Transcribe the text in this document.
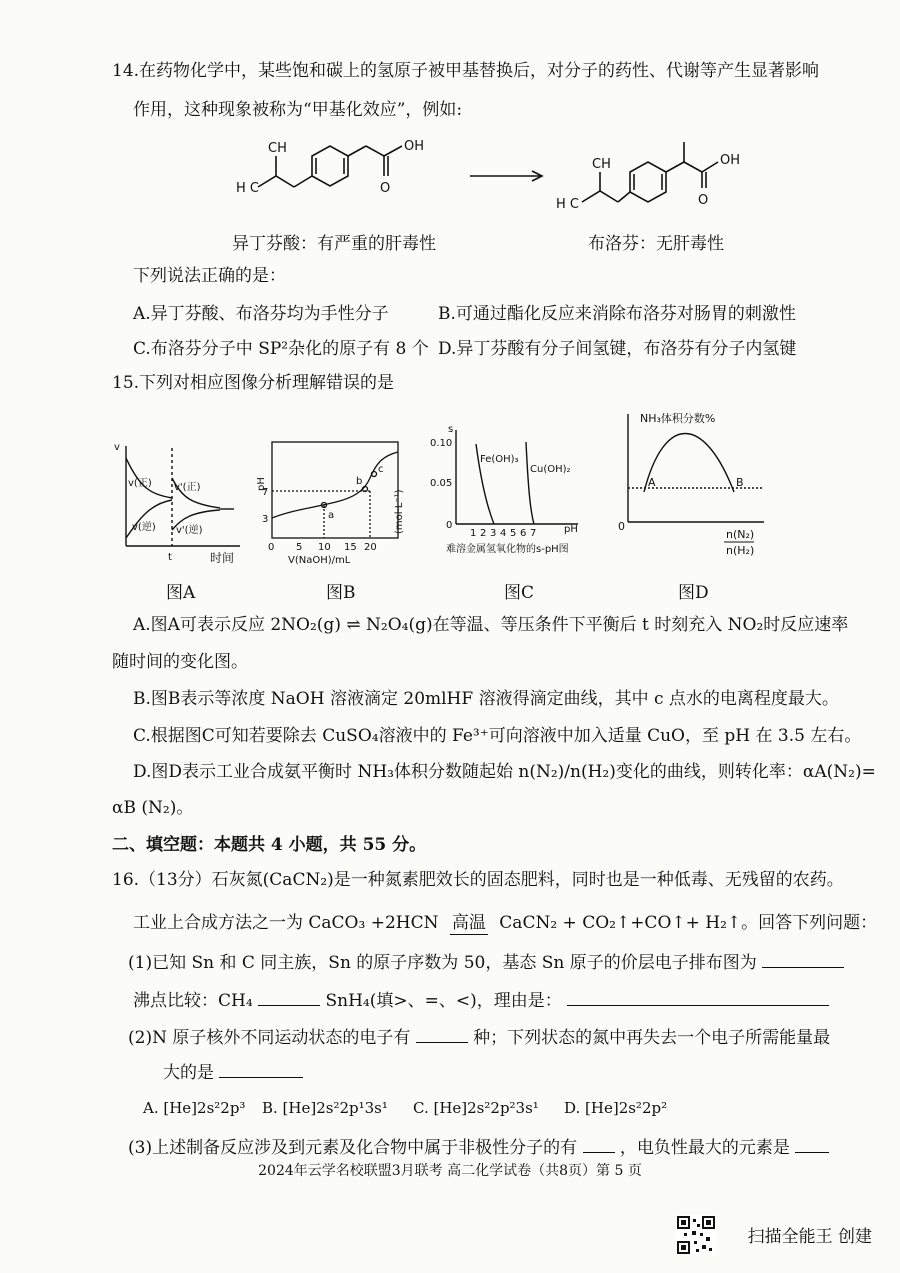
14.在药物化学中，某些饱和碳上的氢原子被甲基替换后，对分子的药性、代谢等产生显著影响
作用，这种现象被称为“甲基化效应”，例如:
CH
H C
OH
O
CH
H C
OH
O
异丁芬酸：有严重的肝毒性	布洛芬：无肝毒性
下列说法正确的是：
A.异丁芬酸、布洛芬均为手性分子	B.可通过酯化反应来消除布洛芬对肠胃的刺激性
C.布洛芬分子中 SP²杂化的原子有 8 个 D.异丁芬酸有分子间氢键，布洛芬有分子内氢键
15.下列对相应图像分析理解错误的是
v
v(正) v'(正)
v(逆) v'(逆)
t	时间
图A
pH
3
7
0 5 10 15 20
a
b
c
V(NaOH)/mL
图B
s
(mol·L⁻¹)
0.10
0.05
0
1 2 3 4 5 6 7	pH
Fe(OH)₃
Cu(OH)₂
难溶金属氢氧化物的s-pH图
图C
NH₃体积分数%
A	B
0
n(N₂)
n(H₂)
图D
A.图A可表示反应 2NO₂(g) ⇌ N₂O₄(g)在等温、等压条件下平衡后 t 时刻充入 NO₂时反应速率
随时间的变化图。
B.图B表示等浓度 NaOH 溶液滴定 20mlHF 溶液得滴定曲线，其中 c 点水的电离程度最大。
C.根据图C可知若要除去 CuSO₄溶液中的 Fe³⁺可向溶液中加入适量 CuO，至 pH 在 3.5 左右。
D.图D表示工业合成氨平衡时 NH₃体积分数随起始 n(N₂)/n(H₂)变化的曲线，则转化率：αA(N₂)=
αB (N₂)。
二、填空题：本题共 4 小题，共 55 分。
16.（13分）石灰氮(CaCN₂)是一种氮素肥效长的固态肥料，同时也是一种低毒、无残留的农药。
工业上合成方法之一为 CaCO₃ +2HCN 高温 CaCN₂ + CO₂↑+CO↑+ H₂↑。回答下列问题：
(1)已知 Sn 和 C 同主族，Sn 的原子序数为 50，基态 Sn 原子的价层电子排布图为
沸点比较：CH₄	SnH₄(填>、=、<)，理由是：
(2)N 原子核外不同运动状态的电子有	种；下列状态的氮中再失去一个电子所需能量最
大的是
A. [He]2s²2p³ B. [He]2s²2p¹3s¹ C. [He]2s²2p²3s¹ D. [He]2s²2p²
(3)上述制备反应涉及到元素及化合物中属于非极性分子的有	，电负性最大的元素是
2024年云学名校联盟3月联考 高二化学试卷（共8页）第 5 页
扫描全能王 创建
